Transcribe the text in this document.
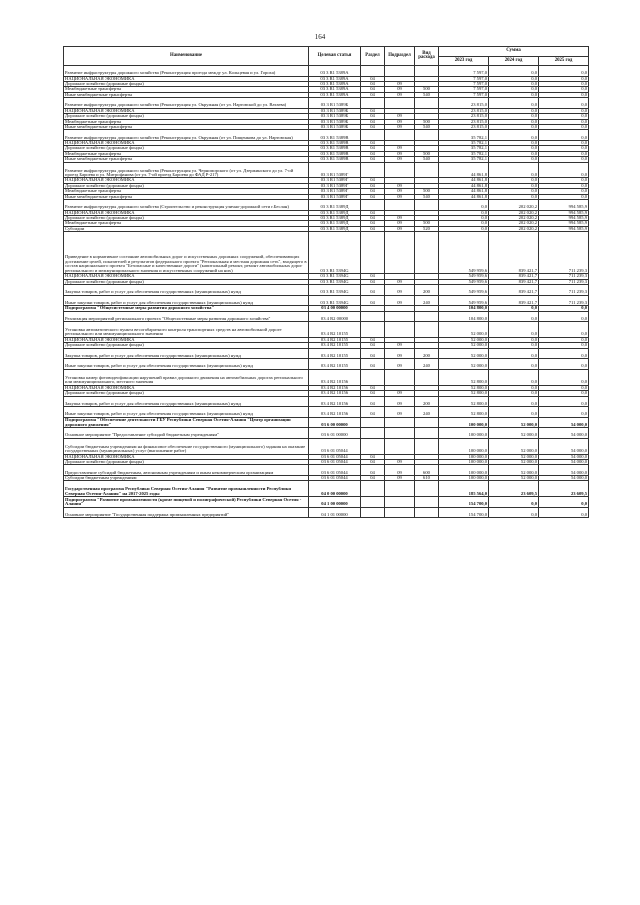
164
Наименование	Целевая статья	Раздел	Подраздел	Вид расхода	Сумма		
					2023 год	2024 год	2025 год
Развитие инфраструктуры дорожного хозяйства (Реконструкция проезда между ул. Кольцевая и ул. Гороха)	03 3 R1 5389А				7 597,0	0,0	0,0
НАЦИОНАЛЬНАЯ ЭКОНОМИКА	03 3 R1 5389А	04			7 597,0	0,0	0,0
Дорожное хозяйство (дорожные фонды)	03 3 R1 5389А	04	09		7 597,0	0,0	0,0
Межбюджетные трансферты	03 3 R1 5389А	04	09	500	7 597,0	0,0	0,0
Иные межбюджетные трансферты	03 3 R1 5389А	04	09	540	7 597,0	0,0	0,0
Развитие инфраструктуры дорожного хозяйства (Реконструкция ул. Окружная (от ул. Нартовской до ул. Ватаева)	03 3 R1 5389Б				23 815,0	0,0	0,0
НАЦИОНАЛЬНАЯ ЭКОНОМИКА	03 3 R1 5389Б	04			23 815,0	0,0	0,0
Дорожное хозяйство (дорожные фонды)	03 3 R1 5389Б	04	09		23 815,0	0,0	0,0
Межбюджетные трансферты	03 3 R1 5389Б	04	09	500	23 815,0	0,0	0,0
Иные межбюджетные трансферты	03 3 R1 5389Б	04	09	540	23 815,0	0,0	0,0
Развитие инфраструктуры дорожного хозяйства (Реконструкция ул. Окружная (от ул. Пищенкова до ул. Нартовская)	03 3 R1 5389В				35 782,1	0,0	0,0
НАЦИОНАЛЬНАЯ ЭКОНОМИКА	03 3 R1 5389В	04			35 782,1	0,0	0,0
Дорожное хозяйство (дорожные фонды)	03 3 R1 5389В	04	09		35 782,1	0,0	0,0
Межбюджетные трансферты	03 3 R1 5389В	04	09	500	35 782,1	0,0	0,0
Иные межбюджетные трансферты	03 3 R1 5389В	04	09	540	35 782,1	0,0	0,0
Развитие инфраструктуры дорожного хозяйства (Реконструкция ул. Черноморского (от ул. Дзержинского до ул. 7-ой проезд Бароева и ул. Митрофанова (от ул. 7-ой проезд Бароева до ФАД Р-217)	03 3 R1 5389Г				44 861,8	0,0	0,0
НАЦИОНАЛЬНАЯ ЭКОНОМИКА	03 3 R1 5389Г	04			44 861,8	0,0	0,0
Дорожное хозяйство (дорожные фонды)	03 3 R1 5389Г	04	09		44 861,8	0,0	0,0
Межбюджетные трансферты	03 3 R1 5389Г	04	09	500	44 861,8	0,0	0,0
Иные межбюджетные трансферты	03 3 R1 5389Г	04	09	540	44 861,8	0,0	0,0
Развитие инфраструктуры дорожного хозяйства (Строительство и реконструкция улично-дорожной сети г.Беслан)	03 3 R1 5389Д				0,0	202 020,2	994 585,9
НАЦИОНАЛЬНАЯ ЭКОНОМИКА	03 3 R1 5389Д	04			0,0	202 020,2	994 585,9
Дорожное хозяйство (дорожные фонды)	03 3 R1 5389Д	04	09		0,0	202 020,2	994 585,9
Межбюджетные трансферты	03 3 R1 5389Д	04	09	500	0,0	202 020,2	994 585,9
Субсидии	03 3 R1 5389Д	04	09	520	0,0	202 020,2	994 585,9
Приведение в нормативное состояние автомобильных дорог и искусственных дорожных сооружений, обеспечивающих достижение целей, показателей и результатов федерального проекта "Региональная и местная дорожная сеть", входящего в состав национального проекта "Безопасные и качественные дороги" (капитальный ремонт, ремонт автомобильных дорог регионального и межмуниципального значения и искусственных сооружений на них)	03 3 R1 5394G				549 959,6	839 421,7	711 239,3
НАЦИОНАЛЬНАЯ ЭКОНОМИКА	03 3 R1 5394G	04			549 959,6	839 421,7	711 239,3
Дорожное хозяйство (дорожные фонды)	03 3 R1 5394G	04	09		549 959,6	839 421,7	711 239,3
Закупка товаров, работ и услуг для обеспечения государственных (муниципальных) нужд	03 3 R1 5394G	04	09	200	549 959,6	839 421,7	711 239,3
Иные закупки товаров, работ и услуг для обеспечения государственных (муниципальных) нужд	03 3 R1 5394G	04	09	240	549 959,6	839 421,7	711 239,3
Подпрограмма "Общесистемные меры развития дорожного хозяйства"	03 4 00 00000				104 800,0	0,0	0,0
Реализация мероприятий регионального проекта "Общесистемные меры развития дорожного хозяйства"	03 4 R2 00000				104 800,0	0,0	0,0
Установка автоматического пункта весогабаритного контроля транспортных средств на автомобильной дороге регионального или межмуниципального значения	03 4 R2 10155				52 000,0	0,0	0,0
НАЦИОНАЛЬНАЯ ЭКОНОМИКА	03 4 R2 10155	04			52 000,0	0,0	0,0
Дорожное хозяйство (дорожные фонды)	03 4 R2 10155	04	09		52 000,0	0,0	0,0
Закупка товаров, работ и услуг для обеспечения государственных (муниципальных) нужд	03 4 R2 10155	04	09	200	52 000,0	0,0	0,0
Иные закупки товаров, работ и услуг для обеспечения государственных (муниципальных) нужд	03 4 R2 10155	04	09	240	52 000,0	0,0	0,0
Установка камер фотовидеофиксации нарушений правил дорожного движения на автомобильных дорогах регионального или межмуниципального, местного значения	03 4 R2 10156				52 800,0	0,0	0,0
НАЦИОНАЛЬНАЯ ЭКОНОМИКА	03 4 R2 10156	04			52 800,0	0,0	0,0
Дорожное хозяйство (дорожные фонды)	03 4 R2 10156	04	09		52 800,0	0,0	0,0
Закупка товаров, работ и услуг для обеспечения государственных (муниципальных) нужд	03 4 R2 10156	04	09	200	52 800,0	0,0	0,0
Иные закупки товаров, работ и услуг для обеспечения государственных (муниципальных) нужд	03 4 R2 10156	04	09	240	52 800,0	0,0	0,0
Подпрограмма "Обеспечение деятельности ГБУ Республики Северная Осетия-Алания "Центр организации дорожного движения"	03 6 00 00000				100 000,0	52 000,0	54 000,0
Основное мероприятие "Предоставление субсидий бюджетным учреждениям"	03 6 01 00000				100 000,0	52 000,0	54 000,0
Субсидии бюджетным учреждениям на финансовое обеспечение государственного (муниципального) задания на оказание государственных (муниципальных) услуг (выполнение работ)	03 6 01 05044				100 000,0	52 000,0	54 000,0
НАЦИОНАЛЬНАЯ ЭКОНОМИКА	03 6 01 05044	04			100 000,0	52 000,0	54 000,0
Дорожное хозяйство (дорожные фонды)	03 6 01 05044	04	09		100 000,0	52 000,0	54 000,0
Предоставление субсидий бюджетным, автономным учреждениям и иным некоммерческим организациям	03 6 01 05044	04	09	600	100 000,0	52 000,0	54 000,0
Субсидии бюджетным учреждениям	03 6 01 05044	04	09	610	100 000,0	52 000,0	54 000,0
Государственная программа Республики Северная Осетия-Алания "Развитие промышленности Республики Северная Осетия-Алания" на 2017-2025 годы	04 0 00 00000				185 564,0	23 609,5	23 609,5
Подпрограмма "Развитие промышленности (кроме пищевой и полиграфической) Республики Северная Осетия - Алания"	04 1 00 00000				154 700,0	0,0	0,0
Основное мероприятие "Государственная поддержка промышленных предприятий"	04 1 01 00000				154 700,0	0,0	0,0
